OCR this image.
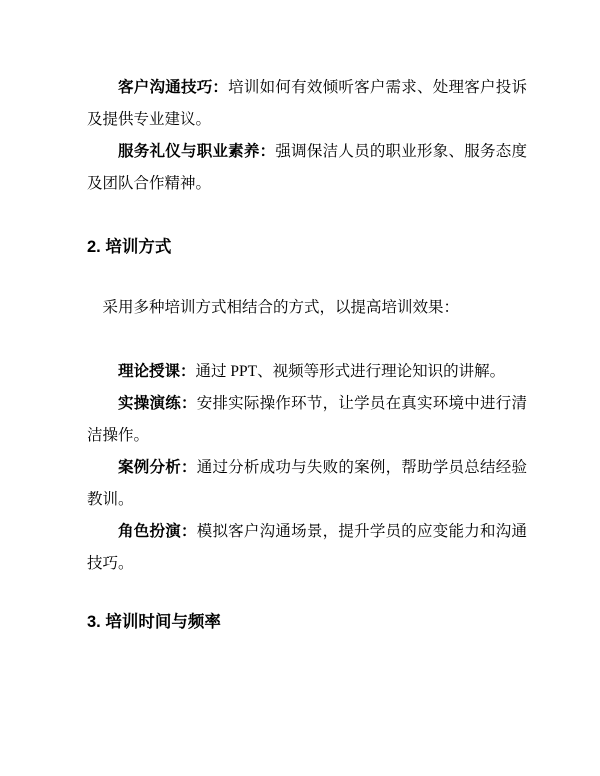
客户沟通技巧：培训如何有效倾听客户需求、处理客户投诉及提供专业建议。

服务礼仪与职业素养：强调保洁人员的职业形象、服务态度及团队合作精神。

2. 培训方式

采用多种培训方式相结合的方式，以提高培训效果：

理论授课：通过 PPT、视频等形式进行理论知识的讲解。

实操演练：安排实际操作环节，让学员在真实环境中进行清洁操作。

案例分析：通过分析成功与失败的案例，帮助学员总结经验教训。

角色扮演：模拟客户沟通场景，提升学员的应变能力和沟通技巧。

3. 培训时间与频率
